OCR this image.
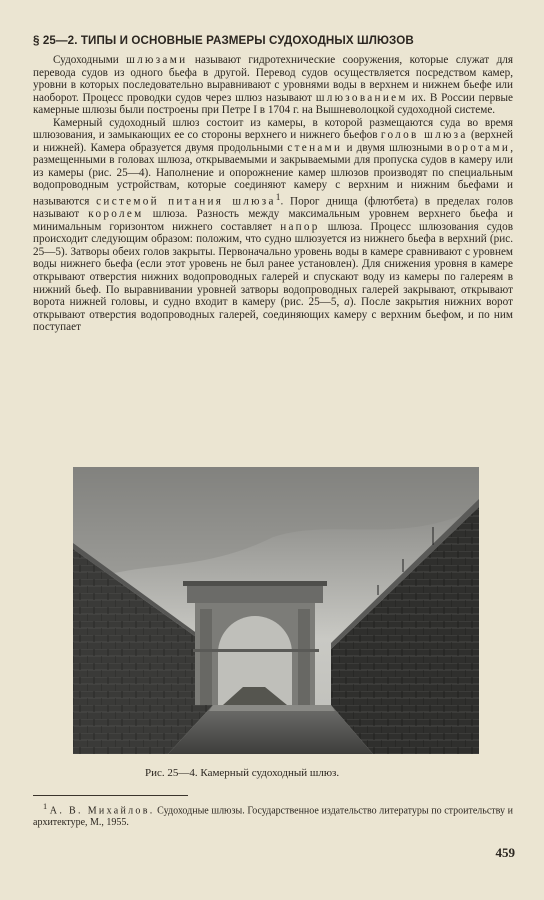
§ 25—2. ТИПЫ И ОСНОВНЫЕ РАЗМЕРЫ СУДОХОДНЫХ ШЛЮЗОВ

Судоходными шлюзами называют гидротехнические сооружения, которые служат для перевода судов из одного бьефа в другой. Перевод судов осуществляется посредством камер, уровни в которых последовательно выравнивают с уровнями воды в верхнем и нижнем бьефе или наоборот. Процесс проводки судов через шлюз называют шлюзованием их. В России первые камерные шлюзы были построены при Петре I в 1704 г. на Вышневолоцкой судоходной системе.

Камерный судоходный шлюз состоит из камеры, в которой размещаются суда во время шлюзования, и замыкающих ее со стороны верхнего и нижнего бьефов голов шлюза (верхней и нижней). Камера образуется двумя продольными стенами и двумя шлюзными воротами, размещенными в головах шлюза, открываемыми и закрываемыми для пропуска судов в камеру или из камеры (рис. 25—4). Наполнение и опорожнение камер шлюзов производят по специальным водопроводным устройствам, которые соединяют камеру с верхним и нижним бьефами и называются системой питания шлюза$^1$. Порог днища (флютбета) в пределах голов называют королем шлюза. Разность между максимальным уровнем верхнего бьефа и минимальным горизонтом нижнего составляет напор шлюза. Процесс шлюзования судов происходит следующим образом: положим, что судно шлюзуется из нижнего бьефа в верхний (рис. 25—5). Затворы обеих голов закрыты. Первоначально уровень воды в камере сравнивают с уровнем воды нижнего бьефа (если этот уровень не был ранее установлен). Для снижения уровня в камере открывают отверстия нижних водопроводных галерей и спускают воду из камеры по галереям в нижний бьеф. По выравнивании уровней затворы водопроводных галерей закрывают, открывают ворота нижней головы, и судно входит в камеру (рис. 25—5, а). После закрытия нижних ворот открывают отверстия водопроводных галерей, соединяющих камеру с верхним бьефом, и по ним поступает

Рис. 25—4. Камерный судоходный шлюз.

$^1$ А. В. Михайлов. Судоходные шлюзы. Государственное издательство литературы по строительству и архитектуре, М., 1955.

459
